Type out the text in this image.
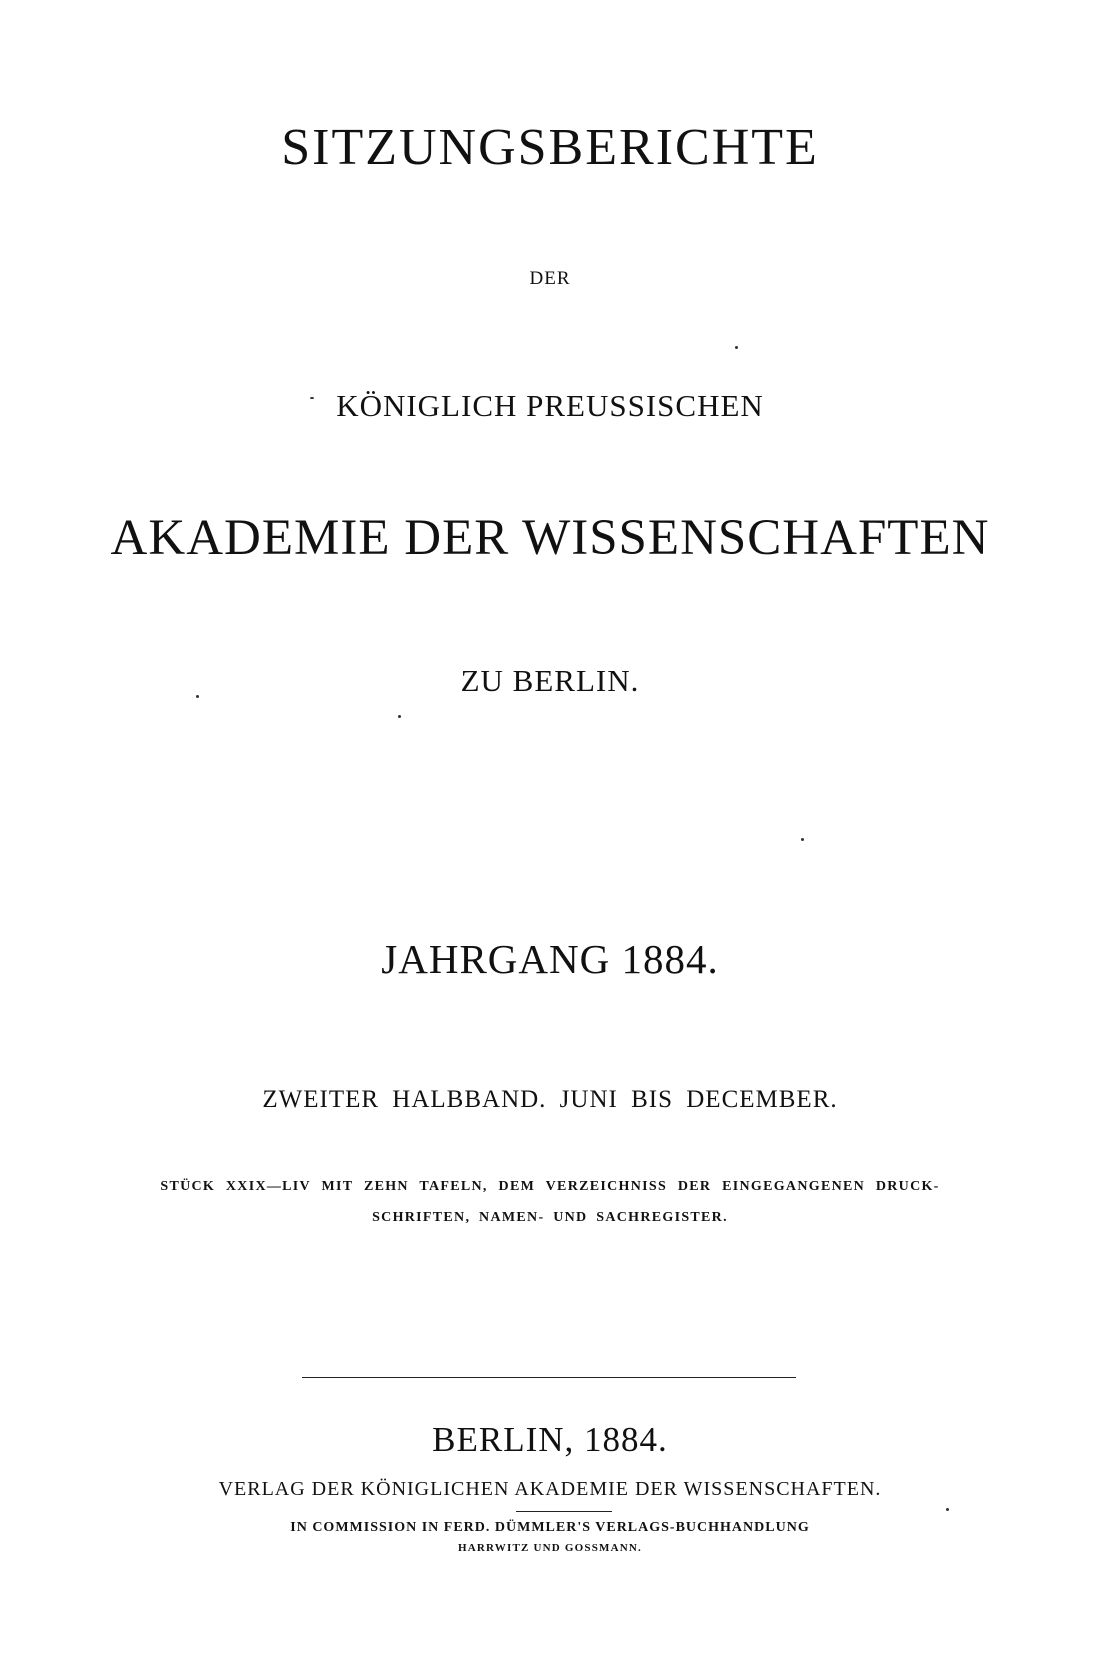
SITZUNGSBERICHTE
DER
KÖNIGLICH PREUSSISCHEN
AKADEMIE DER WISSENSCHAFTEN
ZU BERLIN.
JAHRGANG 1884.
ZWEITER HALBBAND. JUNI BIS DECEMBER.
STÜCK XXIX—LIV MIT ZEHN TAFELN, DEM VERZEICHNISS DER EINGEGANGENEN DRUCK-
SCHRIFTEN, NAMEN- UND SACHREGISTER.
BERLIN, 1884.
VERLAG DER KÖNIGLICHEN AKADEMIE DER WISSENSCHAFTEN.
IN COMMISSION IN FERD. DÜMMLER'S VERLAGS-BUCHHANDLUNG
HARRWITZ UND GOSSMANN.
